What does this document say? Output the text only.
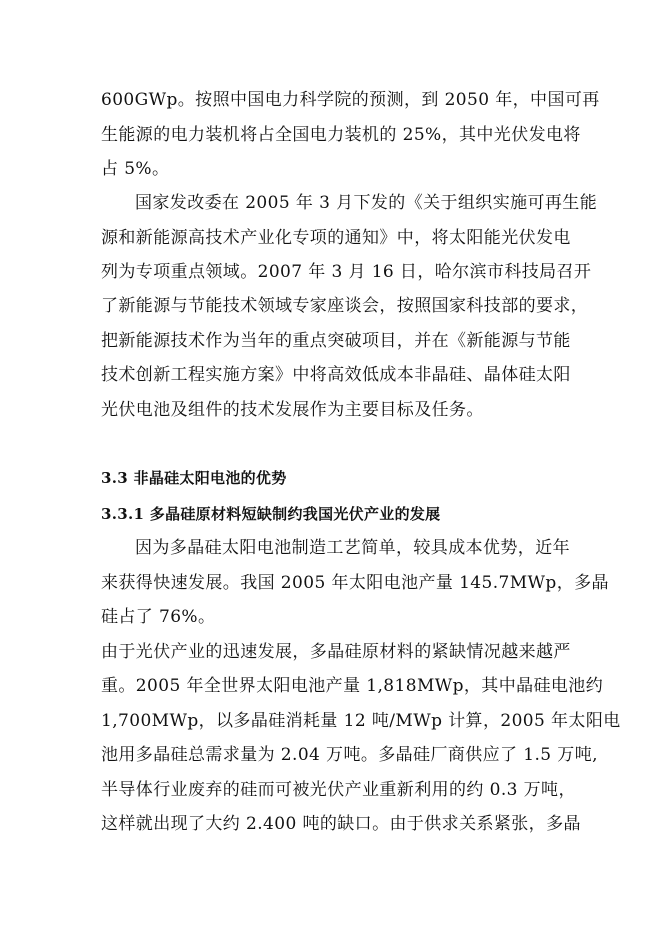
600GWp。按照中国电力科学院的预测，到 2050 年，中国可再
生能源的电力装机将占全国电力装机的 25%，其中光伏发电将
占 5%。
国家发改委在 2005 年 3 月下发的《关于组织实施可再生能
源和新能源高技术产业化专项的通知》中，将太阳能光伏发电
列为专项重点领域。2007 年 3 月 16 日，哈尔滨市科技局召开
了新能源与节能技术领域专家座谈会，按照国家科技部的要求，
把新能源技术作为当年的重点突破项目，并在《新能源与节能
技术创新工程实施方案》中将高效低成本非晶硅、晶体硅太阳
光伏电池及组件的技术发展作为主要目标及任务。
3.3 非晶硅太阳电池的优势
3.3.1 多晶硅原材料短缺制约我国光伏产业的发展
因为多晶硅太阳电池制造工艺简单，较具成本优势，近年
来获得快速发展。我国 2005 年太阳电池产量 145.7MWp，多晶
硅占了 76%。
由于光伏产业的迅速发展，多晶硅原材料的紧缺情况越来越严
重。2005 年全世界太阳电池产量 1,818MWp，其中晶硅电池约
1,700MWp，以多晶硅消耗量 12 吨/MWp 计算，2005 年太阳电
池用多晶硅总需求量为 2.04 万吨。多晶硅厂商供应了 1.5 万吨,
半导体行业废弃的硅而可被光伏产业重新利用的约 0.3 万吨，
这样就出现了大约 2.400 吨的缺口。由于供求关系紧张，多晶
